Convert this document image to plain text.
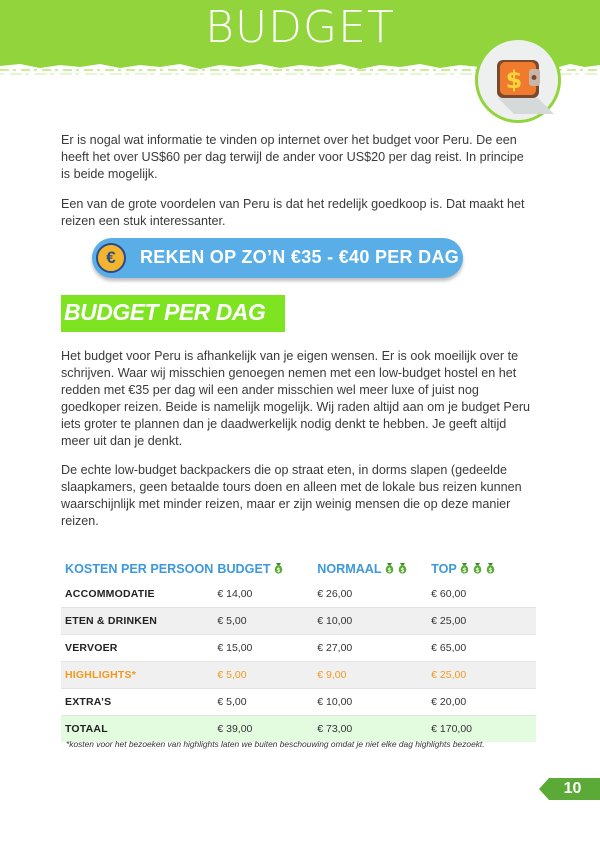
BUDGET
$
Er is nogal wat informatie te vinden op internet over het budget voor Peru. De een heeft het over US$60 per dag terwijl de ander voor US$20 per dag reist. In principe is beide mogelijk.
Een van de grote voordelen van Peru is dat het redelijk goedkoop is. Dat maakt het reizen een stuk interessanter.
€	REKEN OP ZO’N €35 - €40 PER DAG
BUDGET PER DAG
Het budget voor Peru is afhankelijk van je eigen wensen. Er is ook moeilijk over te schrijven. Waar wij misschien genoegen nemen met een low-budget hostel en het redden met €35 per dag wil een ander misschien wel meer luxe of juist nog goedkoper reizen. Beide is namelijk mogelijk. Wij raden altijd aan om je budget Peru iets groter te plannen dan je daadwerkelijk nodig denkt te hebben. Je geeft altijd meer uit dan je denkt.
De echte low-budget backpackers die op straat eten, in dorms slapen (gedeelde slaapkamers, geen betaalde tours doen en alleen met de lokale bus reizen kunnen waarschijnlijk met minder reizen, maar er zijn weinig mensen die op deze manier reizen.
KOSTEN PER PERSOON	BUDGET $	NORMAAL $ $	TOP $ $ $

ACCOMMODATIE	€ 14,00	€ 26,00	€ 60,00
ETEN & DRINKEN	€ 5,00	€ 10,00	€ 25,00
VERVOER	€ 15,00	€ 27,00	€ 65,00
HIGHLIGHTS*	€ 5,00	€ 9,00	€ 25,00
EXTRA’S	€ 5,00	€ 10,00	€ 20,00
TOTAAL	€ 39,00	€ 73,00	€ 170,00
*kosten voor het bezoeken van highlights laten we buiten beschouwing omdat je niet elke dag highlights bezoekt.
10
